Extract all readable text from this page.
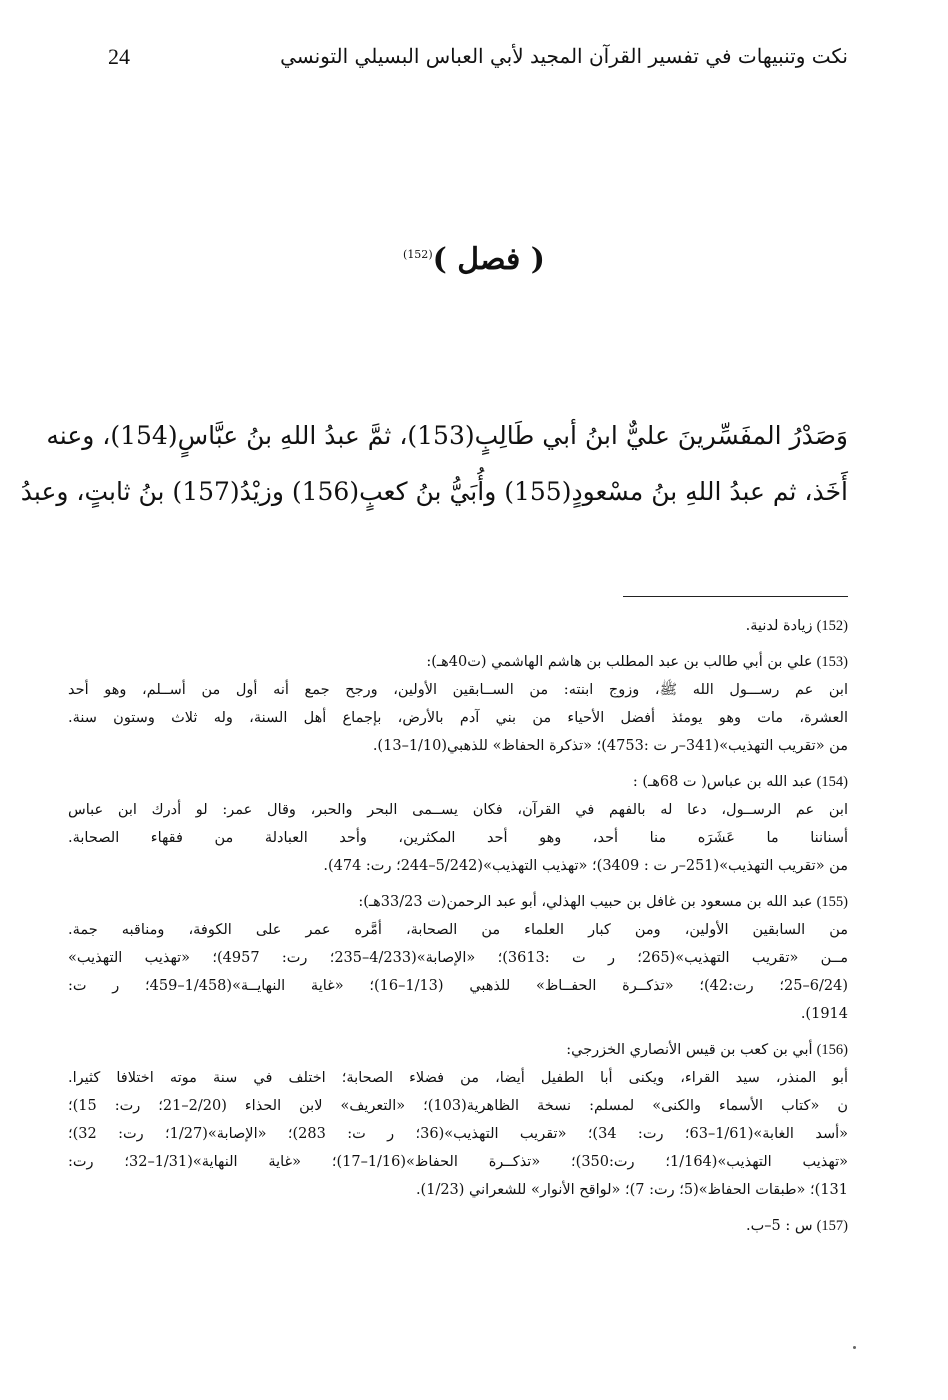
24	نكت وتنبيهات في تفسير القرآن المجيد لأبي العباس البسيلي التونسي
( فصل )$^{(152)}$
وَصَدْرُ المفَسِّرينَ عليٌّ ابنُ أبي طَالِبٍ(153)، ثمَّ عبدُ اللهِ بنُ عبَّاسٍ(154)، وعنه
أَخَذ، ثم عبدُ اللهِ بنُ مسْعودٍ(155) وأُبَيُّ بنُ كعبٍ(156) وزيْدُ(157) بنُ ثابتٍ، وعبدُ
(152)زيادة لدنية.
(153)علي بن أبي طالب بن عبد المطلب بن هاشم الهاشمي (ت40هـ):
ابن عم رســـول الله ﷺ، وزوج ابنته: من الســابقين الأولين، ورجح جمع أنه أول من أســلم، وهو أحد
العشرة، مات وهو يومئذ أفضل الأحياء من بني آدم بالأرض، بإجماع أهل السنة، وله ثلاث وستون سنة.
من «تقريب التهذيب»(341–ر ت :4753)؛ «تذكرة الحفاظ» للذهبي(1/10–13).
(154)عبد الله بن عباس( ت 68هـ) :
ابن عم الرســول، دعا له بالفهم في القرآن، فكان يســمى البحر والحبر، وقال عمر: لو أدرك ابن عباس
أسناننا ما عَشَرَه منا أحد، وهو أحد المكثرين، وأحد العبادلة من فقهاء الصحابة.
من «تقريب التهذيب»(251–ر ت : 3409)؛ «تهذيب التهذيب»(5/242–244؛ رت: 474).
(155)عبد الله بن مسعود بن غافل بن حبيب الهذلي، أبو عبد الرحمن(ت 33/23هـ):
من السابقين الأولين، ومن كبار العلماء من الصحابة، أمَّره عمر على الكوفة، ومناقبه جمة.
مــن «تقريب التهذيب»(265؛ ر ت :3613)؛ «الإصابة»(4/233–235؛ رت: 4957)؛ «تهذيب التهذيب»
(6/24–25؛ رت:42)؛ «تذكــرة الحفــاظ» للذهبي (1/13–16)؛ «غاية النهايــة»(1/458–459؛ ر ت:
1914).
(156)أبي بن كعب بن قيس الأنصاري الخزرجي:
أبو المنذر، سيد القراء، ويكنى أبا الطفيل أيضا، من فضلاء الصحابة؛ اختلف في سنة موته اختلافا كثيرا.
ن «كتاب الأسماء والكنى» لمسلم: نسخة الظاهرية(103)؛ «التعريف» لابن الحذاء (2/20–21؛ رت: 15)؛
«أسد الغابة»(1/61–63؛ رت: 34)؛ «تقريب التهذيب»(36؛ ر ت: 283)؛ «الإصابة»(1/27؛ رت: 32)؛
«تهذيب التهذيب»(1/164؛ رت:350)؛ «تذكــرة الحفاظ»(1/16–17)؛ «غاية النهاية»(1/31–32؛ رت:
131)؛ «طبقات الحفاظ»(5؛ رت: 7)؛ «لواقح الأنوار» للشعراني (1/23).
(157)س : 5–ب.
